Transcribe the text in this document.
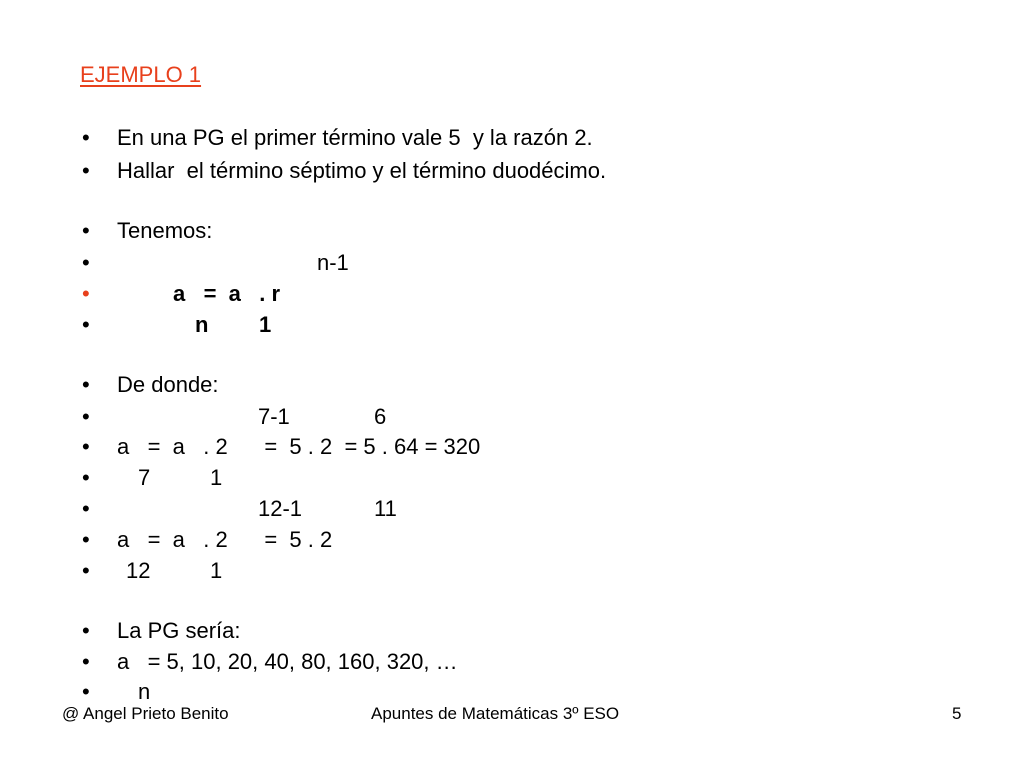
EJEMPLO 1

•

En una PG el primer término vale 5  y la razón 2.

•

Hallar  el término séptimo y el término duodécimo.

•

Tenemos:

•

	n-1

•

	a   =  a   . r

•

	n

1

•

De donde:

•

	7-1

	6

•

a   =  a   . 2      =  5 . 2  = 5 . 64 = 320

•

7

	1

•

	12-1

	11

•

a   =  a   . 2      =  5 . 2

•

12

	1

•

La PG sería:

•

a   = 5, 10, 20, 40, 80, 160, 320, …

•

n

@ Angel Prieto Benito	Apuntes de Matemáticas 3º ESO	5
